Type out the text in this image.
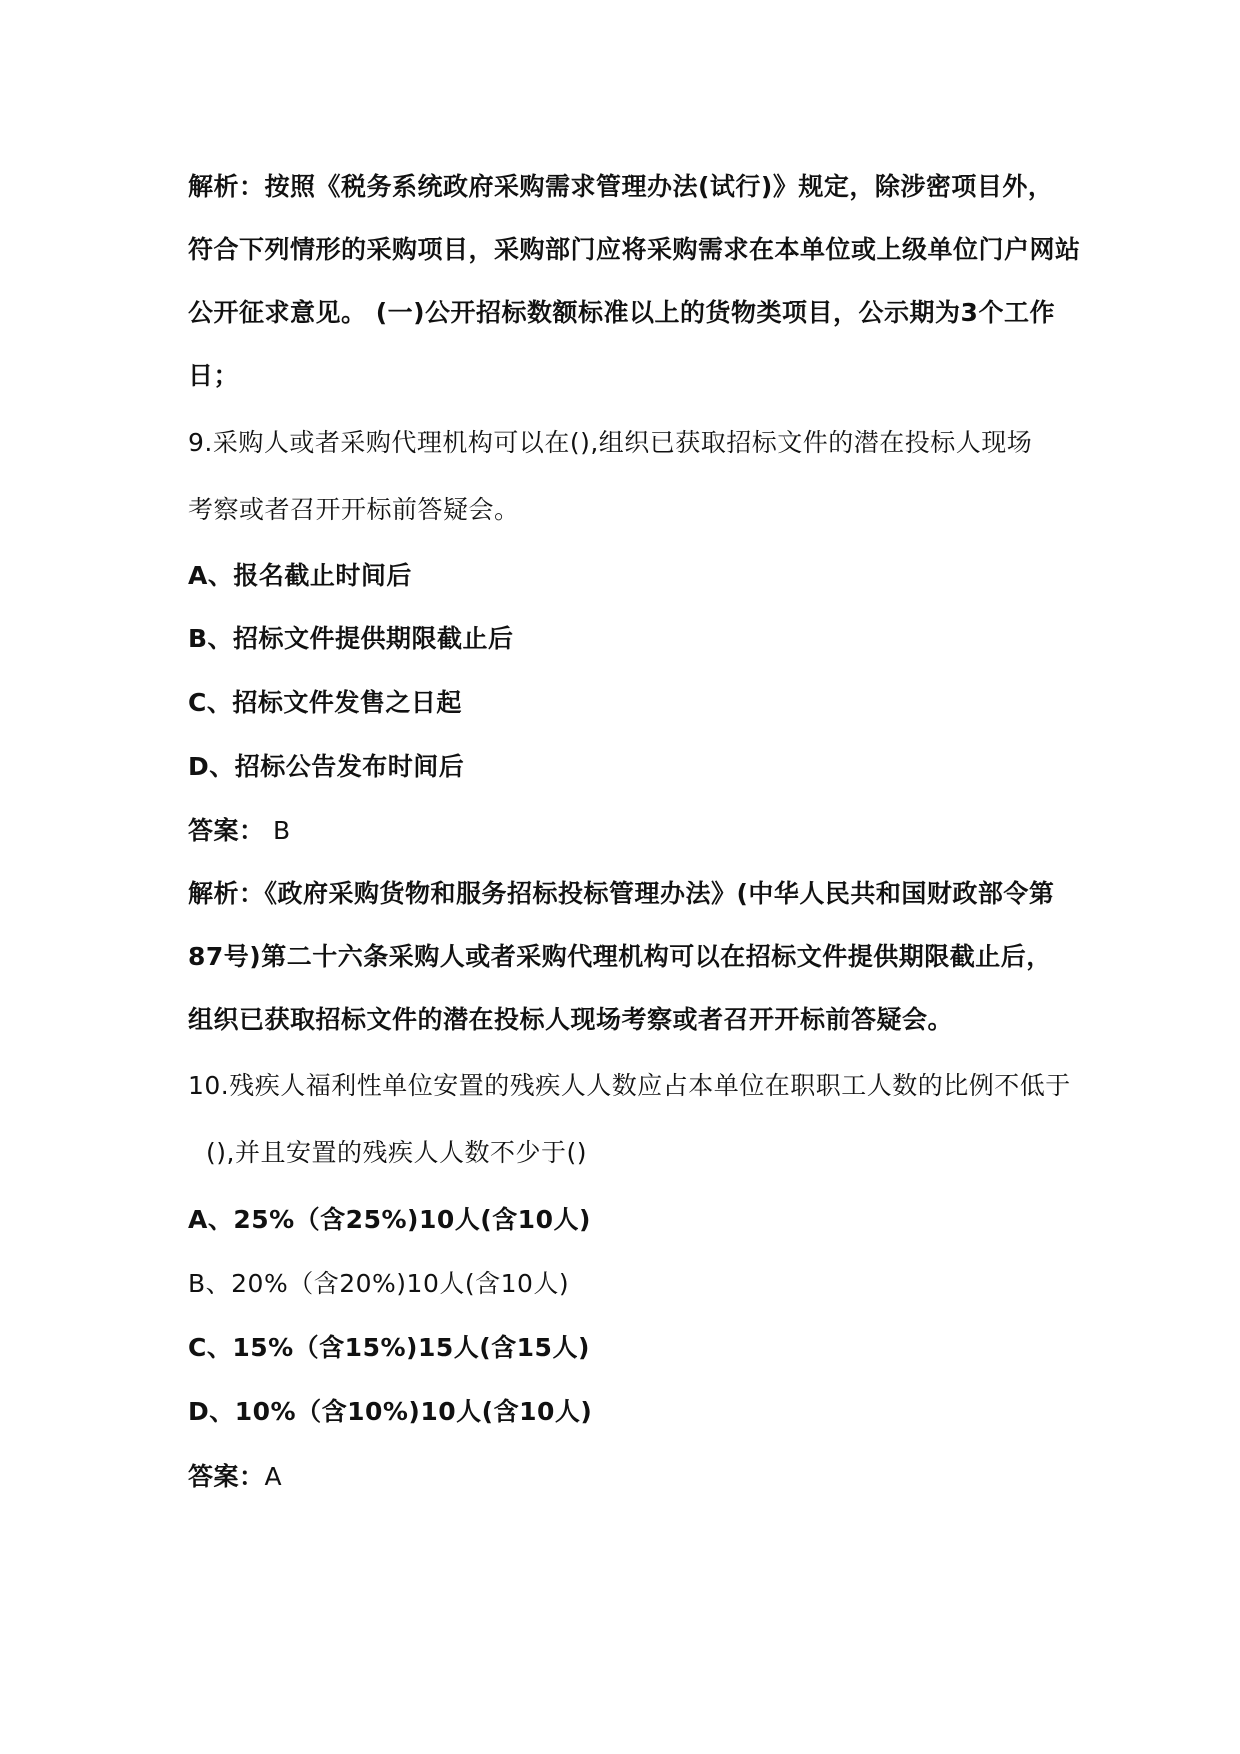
解析：按照《税务系统政府采购需求管理办法(试行)》规定，除涉密项目外，
符合下列情形的采购项目，采购部门应将采购需求在本单位或上级单位门户网站
公开征求意见。 (一)公开招标数额标准以上的货物类项目，公示期为3个工作
日；
9.采购人或者采购代理机构可以在(),组织已获取招标文件的潜在投标人现场
考察或者召开开标前答疑会。
A、报名截止时间后
B、招标文件提供期限截止后
C、招标文件发售之日起
D、招标公告发布时间后
答案： B
解析：《政府采购货物和服务招标投标管理办法》(中华人民共和国财政部令第
87号)第二十六条采购人或者采购代理机构可以在招标文件提供期限截止后，
组织已获取招标文件的潜在投标人现场考察或者召开开标前答疑会。
10.残疾人福利性单位安置的残疾人人数应占本单位在职职工人数的比例不低于
(),并且安置的残疾人人数不少于()
A、25%（含25%)10人(含10人)
B、20%（含20%)10人(含10人)
C、15%（含15%)15人(含15人)
D、10%（含10%)10人(含10人)
答案：A
